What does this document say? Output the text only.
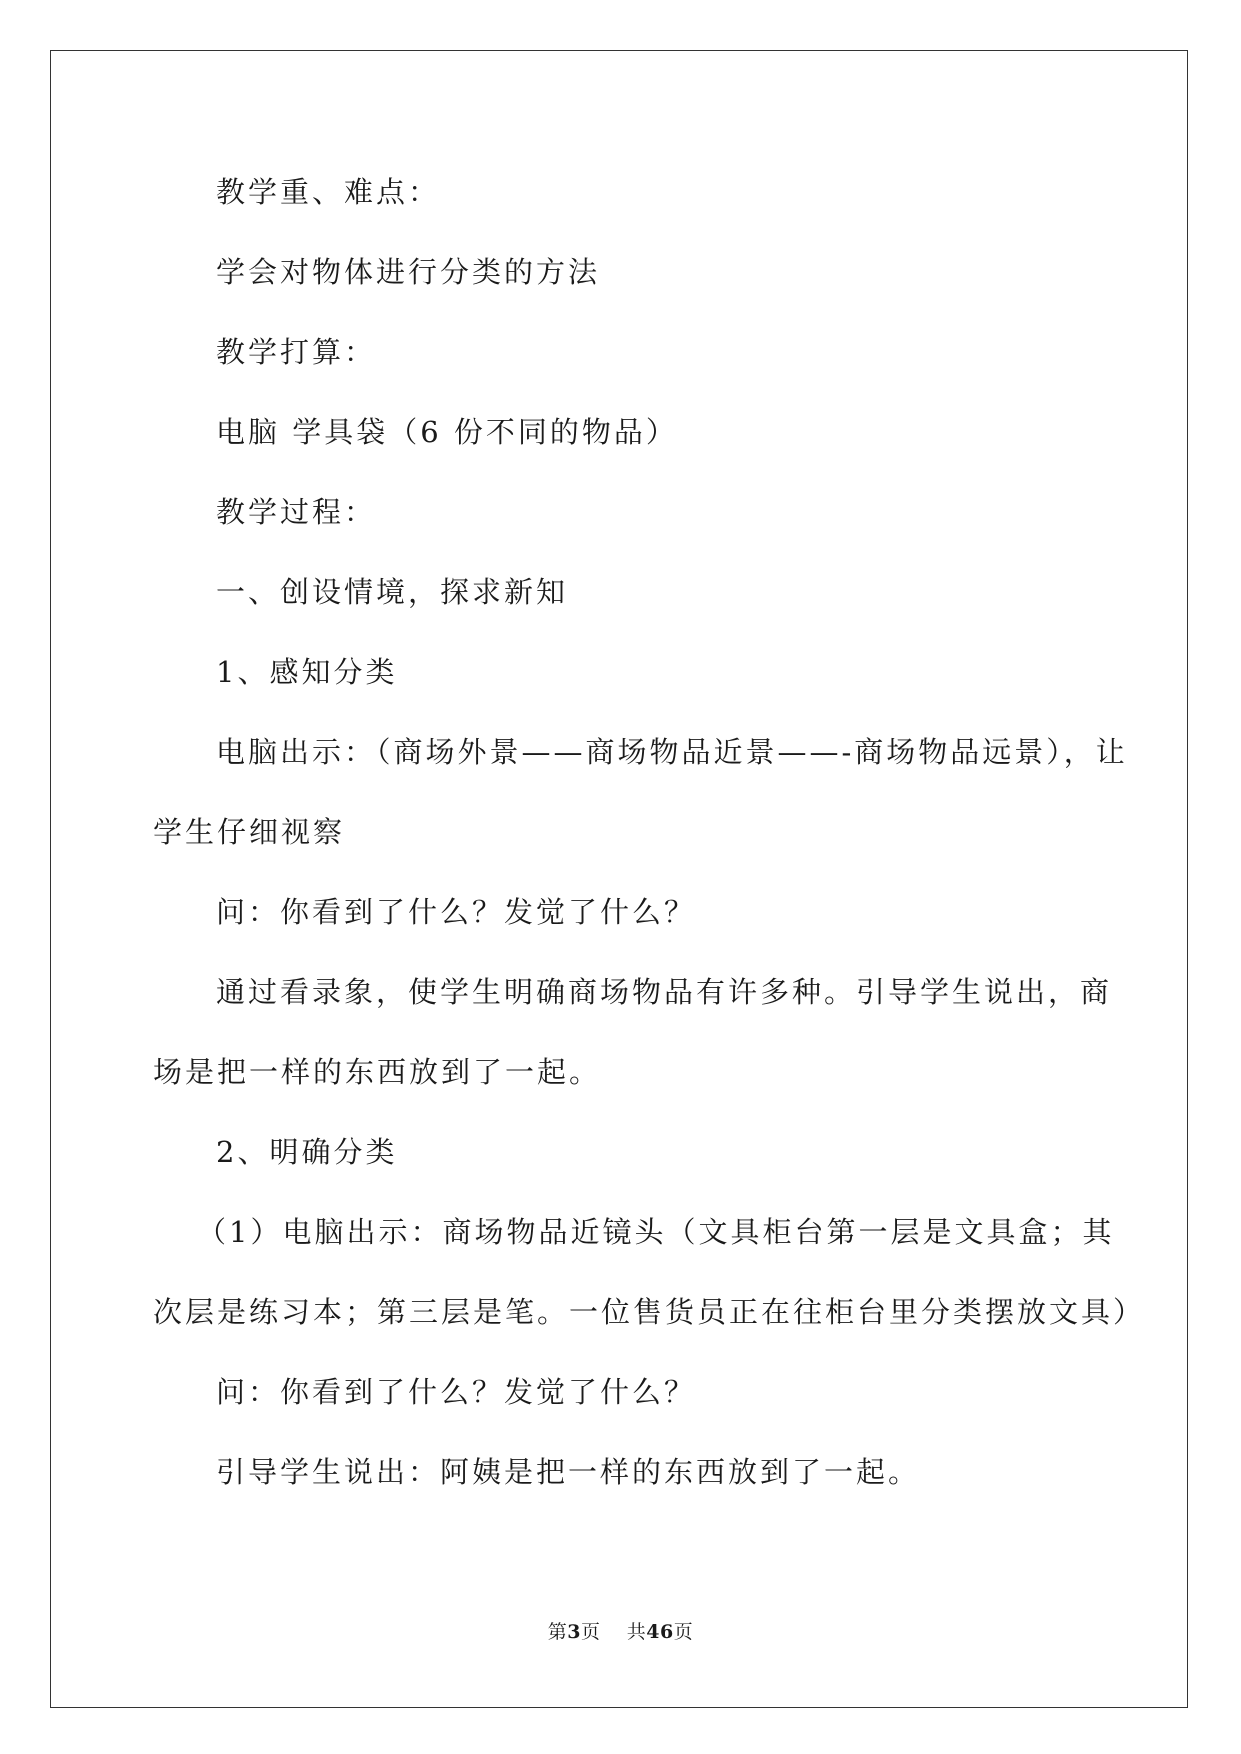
教学重、难点：
学会对物体进行分类的方法
教学打算：
电脑 学具袋（6 份不同的物品）
教学过程：
一、创设情境，探求新知
1、感知分类
电脑出示：（商场外景——商场物品近景——-商场物品远景），让
学生仔细视察
问：你看到了什么？发觉了什么？
通过看录象，使学生明确商场物品有许多种。引导学生说出，商
场是把一样的东西放到了一起。
2、明确分类
（1）电脑出示：商场物品近镜头（文具柜台第一层是文具盒；其
次层是练习本；第三层是笔。一位售货员正在往柜台里分类摆放文具）
问：你看到了什么？发觉了什么？
引导学生说出：阿姨是把一样的东西放到了一起。
第3页 共46页
